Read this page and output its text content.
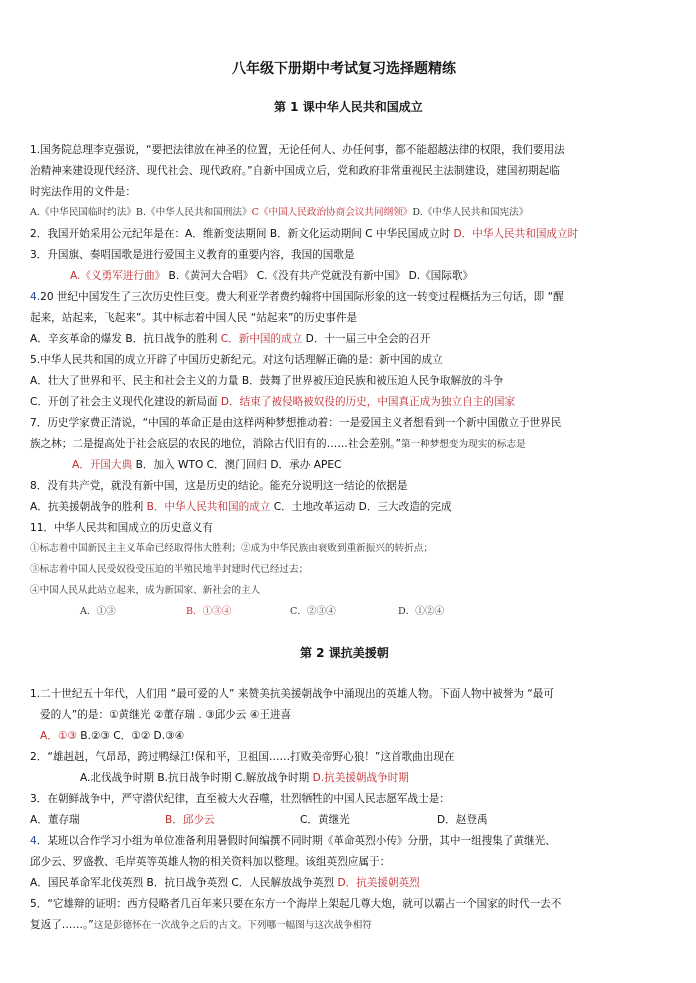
八年级下册期中考试复习选择题精练
第 1 课中华人民共和国成立
1.国务院总理李克强说，“要把法律放在神圣的位置，无论任何人、办任何事，都不能超越法律的权限，我们要用法
治精神来建设现代经济、现代社会、现代政府。”自新中国成立后，党和政府非常重视民主法制建设，建国初期起临
时宪法作用的文件是：
A.《中华民国临时约法》B.《中华人民共和国刑法》C《中国人民政治协商会议共同纲领》D.《中华人民共和国宪法》
2．我国开始采用公元纪年是在：A．维新变法期间 B．新文化运动期间 C 中华民国成立时 D．中华人民共和国成立时
3．升国旗、奏唱国歌是进行爱国主义教育的重要内容，我国的国歌是
A.《义勇军进行曲》 B.《黄河大合唱》 C.《没有共产党就没有新中国》 D.《国际歌》
4.20 世纪中国发生了三次历史性巨变。费大利亚学者费约翰将中国国际形象的这一转变过程概括为三句话，即 “醒
起来，站起来，飞起来”。其中标志着中国人民 “站起来”的历史事件是
A．辛亥革命的爆发 B．抗日战争的胜利 C．新中国的成立 D．十一届三中全会的召开
5.中华人民共和国的成立开辟了中国历史新纪元。对这句话理解正确的是：新中国的成立
A．壮大了世界和平、民主和社会主义的力量 B．鼓舞了世界被压迫民族和被压迫人民争取解放的斗争
C．开创了社会主义现代化建设的新局面 D．结束了被侵略被奴役的历史，中国真正成为独立自主的国家
7．历史学家费正清说，“中国的革命正是由这样两种梦想推动着：一是爱国主义者想看到一个新中国傲立于世界民
族之林；二是提高处于社会底层的农民的地位，消除古代旧有的……社会差别。”第一种梦想变为现实的标志是
A．开国大典 B．加入 WTO C．澳门回归 D．承办 APEC
8．没有共产党，就没有新中国，这是历史的结论。能充分说明这一结论的依据是
A．抗美援朝战争的胜利 B．中华人民共和国的成立 C．土地改革运动 D．三大改造的完成
11．中华人民共和国成立的历史意义有
①标志着中国新民主主义革命已经取得伟大胜利；②成为中华民族由衰败到重新振兴的转折点；
③标志着中国人民受奴役受压迫的半殖民地半封建时代已经过去；
④中国人民从此站立起来，成为新国家、新社会的主人
A．①③	B．①③④	C．②③④	D．①②④
第 2 课抗美援朝
1.二十世纪五十年代，人们用 “最可爱的人” 来赞美抗美援朝战争中涌现出的英雄人物。下面人物中被誉为 “最可
爱的人”的是：①黄继光 ②董存瑞 . ③邱少云 ④王进喜
A．①③ B.②③ C．①② D.③④
2．“雄赳赳，气昂昂，跨过鸭绿江!保和平，卫祖国……打败美帝野心狼！”这首歌曲出现在
A.北伐战争时期 B.抗日战争时期 C.解放战争时期 D.抗美援朝战争时期
3．在朝鲜战争中，严守潜伏纪律，直至被大火吞噬，壮烈牺牲的中国人民志愿军战士是：
A．董存瑞	B．邱少云	C．黄继光	D．赵登禹
4．某班以合作学习小组为单位准备利用暑假时间编撰不同时期《革命英烈小传》分册，其中一组搜集了黄继光、
邱少云、罗盛教、毛岸英等英雄人物的相关资料加以整理。该组英烈应属于：
A．国民革命军北伐英烈 B．抗日战争英烈 C．人民解放战争英烈 D．抗美援朝英烈
5．“它雄辩的证明：西方侵略者几百年来只要在东方一个海岸上架起几尊大炮，就可以霸占一个国家的时代一去不
复返了……。”这是彭德怀在一次战争之后的古文。下列哪一幅图与这次战争相符
